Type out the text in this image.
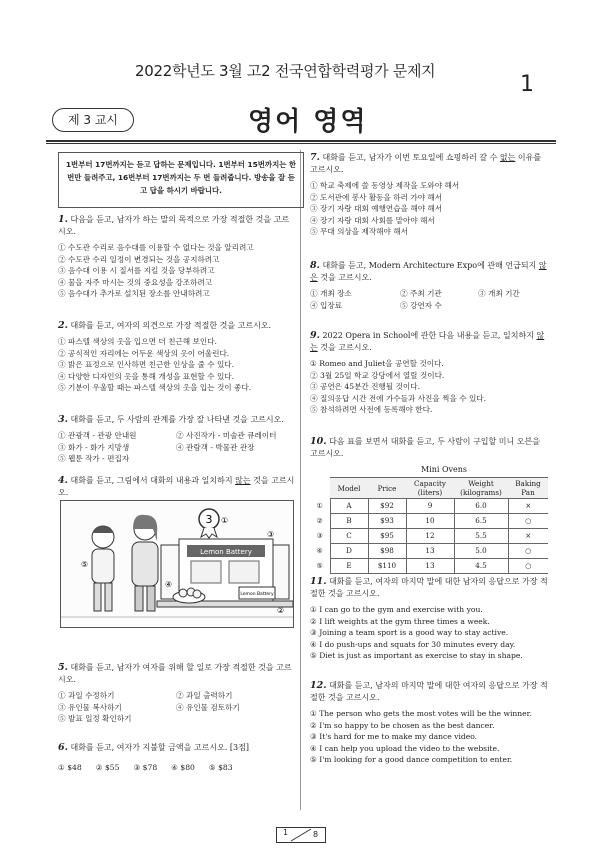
2022학년도 3월 고2 전국연합학력평가 문제지
1
제 3 교시	영어 영역
1번부터 17번까지는 듣고 답하는 문제입니다. 1번부터 15번까지는 한 번만 들려주고, 16번부터 17번까지는 두 번 들려줍니다. 방송을 잘 듣고 답을 하시기 바랍니다.
1. 다음을 듣고, 남자가 하는 말의 목적으로 가장 적절한 것을 고르시오.
① 수도관 수리로 음수대를 이용할 수 없다는 것을 알리려고
② 수도관 수리 일정이 변경되는 것을 공지하려고
③ 음수대 이용 시 질서를 지킬 것을 당부하려고
④ 물을 자주 마시는 것의 중요성을 강조하려고
⑤ 음수대가 추가로 설치된 장소를 안내하려고
2. 대화를 듣고, 여자의 의견으로 가장 적절한 것을 고르시오.
① 파스텔 색상의 옷을 입으면 더 친근해 보인다.
② 공식적인 자리에는 어두운 색상의 옷이 어울린다.
③ 밝은 표정으로 인사하면 친근한 인상을 줄 수 있다.
④ 다양한 디자인의 옷을 통해 개성을 표현할 수 있다.
⑤ 기분이 우울할 때는 파스텔 색상의 옷을 입는 것이 좋다.
3. 대화를 듣고, 두 사람의 관계를 가장 잘 나타낸 것을 고르시오.
① 관광객 - 관광 안내원	② 사진작가 - 미술관 큐레이터
③ 화가 - 화가 지망생	④ 관람객 - 박물관 관장
⑤ 웹툰 작가 - 편집자
4. 대화를 듣고, 그림에서 대화의 내용과 일치하지 않는 것을 고르시오.
3
Lemon Battery
Lemon Battery
①
②
③
④
⑤
5. 대화를 듣고, 남자가 여자를 위해 할 일로 가장 적절한 것을 고르시오.
① 과일 수정하기	② 과일 출력하기
③ 유인물 복사하기	④ 유인물 검토하기
⑤ 발표 일정 확인하기
6. 대화를 듣고, 여자가 지불할 금액을 고르시오. [3점]
① $48 ② $55 ③ $78 ④ $80 ⑤ $83
7. 대화를 듣고, 남자가 이번 토요일에 쇼핑하러 갈 수 없는 이유를 고르시오.
① 학교 축제에 쓸 동영상 제작을 도와야 해서
② 도서관에 봉사 활동을 하러 가야 해서
③ 장기 자랑 대회 예행연습을 해야 해서
④ 장기 자랑 대회 사회를 맡아야 해서
⑤ 무대 의상을 제작해야 해서
8. 대화를 듣고, Modern Architecture Expo에 관해 언급되지 않은 것을 고르시오.
① 개최 장소	② 주최 기관	③ 개최 기간
④ 입장료	⑤ 강연자 수
9. 2022 Opera in School에 관한 다음 내용을 듣고, 일치하지 않는 것을 고르시오.
① Romeo and Juliet을 공연할 것이다.
② 3월 25일 학교 강당에서 열릴 것이다.
③ 공연은 45분간 진행될 것이다.
④ 질의응답 시간 전에 가수들과 사진을 찍을 수 있다.
⑤ 참석하려면 사전에 등록해야 한다.
10. 다음 표를 보면서 대화를 듣고, 두 사람이 구입할 미니 오븐을 고르시오.
Mini Ovens
	Model	Price	Capacity (liters)	Weight (kilograms)	Baking Pan
①	A	$92	9	6.0	×
②	B	$93	10	6.5	○
③	C	$95	12	5.5	×
④	D	$98	13	5.0	○
⑤	E	$110	13	4.5	○
11. 대화를 듣고, 여자의 마지막 말에 대한 남자의 응답으로 가장 적절한 것을 고르시오.
① I can go to the gym and exercise with you.
② I lift weights at the gym three times a week.
③ Joining a team sport is a good way to stay active.
④ I do push-ups and squats for 30 minutes every day.
⑤ Diet is just as important as exercise to stay in shape.
12. 대화를 듣고, 남자의 마지막 말에 대한 여자의 응답으로 가장 적절한 것을 고르시오.
① The person who gets the most votes will be the winner.
② I'm so happy to be chosen as the best dancer.
③ It's hard for me to make my dance video.
④ I can help you upload the video to the website.
⑤ I'm looking for a good dance competition to enter.
1	8
